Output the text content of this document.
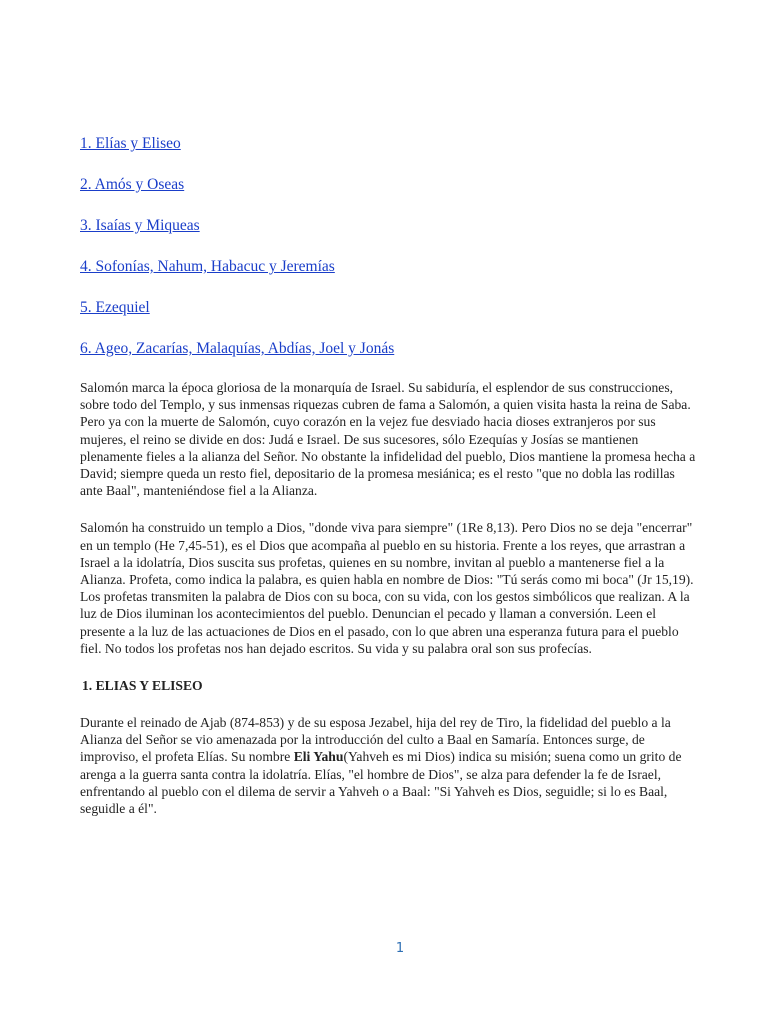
1. Elías y Eliseo
2. Amós y Oseas
3. Isaías y Miqueas
4. Sofonías, Nahum, Habacuc y Jeremías
5. Ezequiel
6. Ageo, Zacarías, Malaquías, Abdías, Joel y Jonás

Salomón marca la época gloriosa de la monarquía de Israel. Su sabiduría, el esplendor de sus construcciones, sobre todo del Templo, y sus inmensas riquezas cubren de fama a Salomón, a quien visita hasta la reina de Saba. Pero ya con la muerte de Salomón, cuyo corazón en la vejez fue desviado hacia dioses extranjeros por sus mujeres, el reino se divide en dos: Judá e Israel. De sus sucesores, sólo Ezequías y Josías se mantienen plenamente fieles a la alianza del Señor. No obstante la infidelidad del pueblo, Dios mantiene la promesa hecha a David; siempre queda un resto fiel, depositario de la promesa mesiánica; es el resto "que no dobla las rodillas ante Baal", manteniéndose fiel a la Alianza.

Salomón ha construido un templo a Dios, "donde viva para siempre" (1Re 8,13). Pero Dios no se deja "encerrar" en un templo (He 7,45-51), es el Dios que acompaña al pueblo en su historia. Frente a los reyes, que arrastran a Israel a la idolatría, Dios suscita sus profetas, quienes en su nombre, invitan al pueblo a mantenerse fiel a la Alianza. Profeta, como indica la palabra, es quien habla en nombre de Dios: "Tú serás como mi boca" (Jr 15,19). Los profetas transmiten la palabra de Dios con su boca, con su vida, con los gestos simbólicos que realizan. A la luz de Dios iluminan los acontecimientos del pueblo. Denuncian el pecado y llaman a conversión. Leen el presente a la luz de las actuaciones de Dios en el pasado, con lo que abren una esperanza futura para el pueblo fiel. No todos los profetas nos han dejado escritos. Su vida y su palabra oral son sus profecías.

1. ELIAS Y ELISEO

Durante el reinado de Ajab (874-853) y de su esposa Jezabel, hija del rey de Tiro, la fidelidad del pueblo a la Alianza del Señor se vio amenazada por la introducción del culto a Baal en Samaría. Entonces surge, de improviso, el profeta Elías. Su nombre Eli Yahu(Yahveh es mi Dios) indica su misión; suena como un grito de arenga a la guerra santa contra la idolatría. Elías, "el hombre de Dios", se alza para defender la fe de Israel, enfrentando al pueblo con el dilema de servir a Yahveh o a Baal: "Si Yahveh es Dios, seguidle; si lo es Baal, seguidle a él".

1
